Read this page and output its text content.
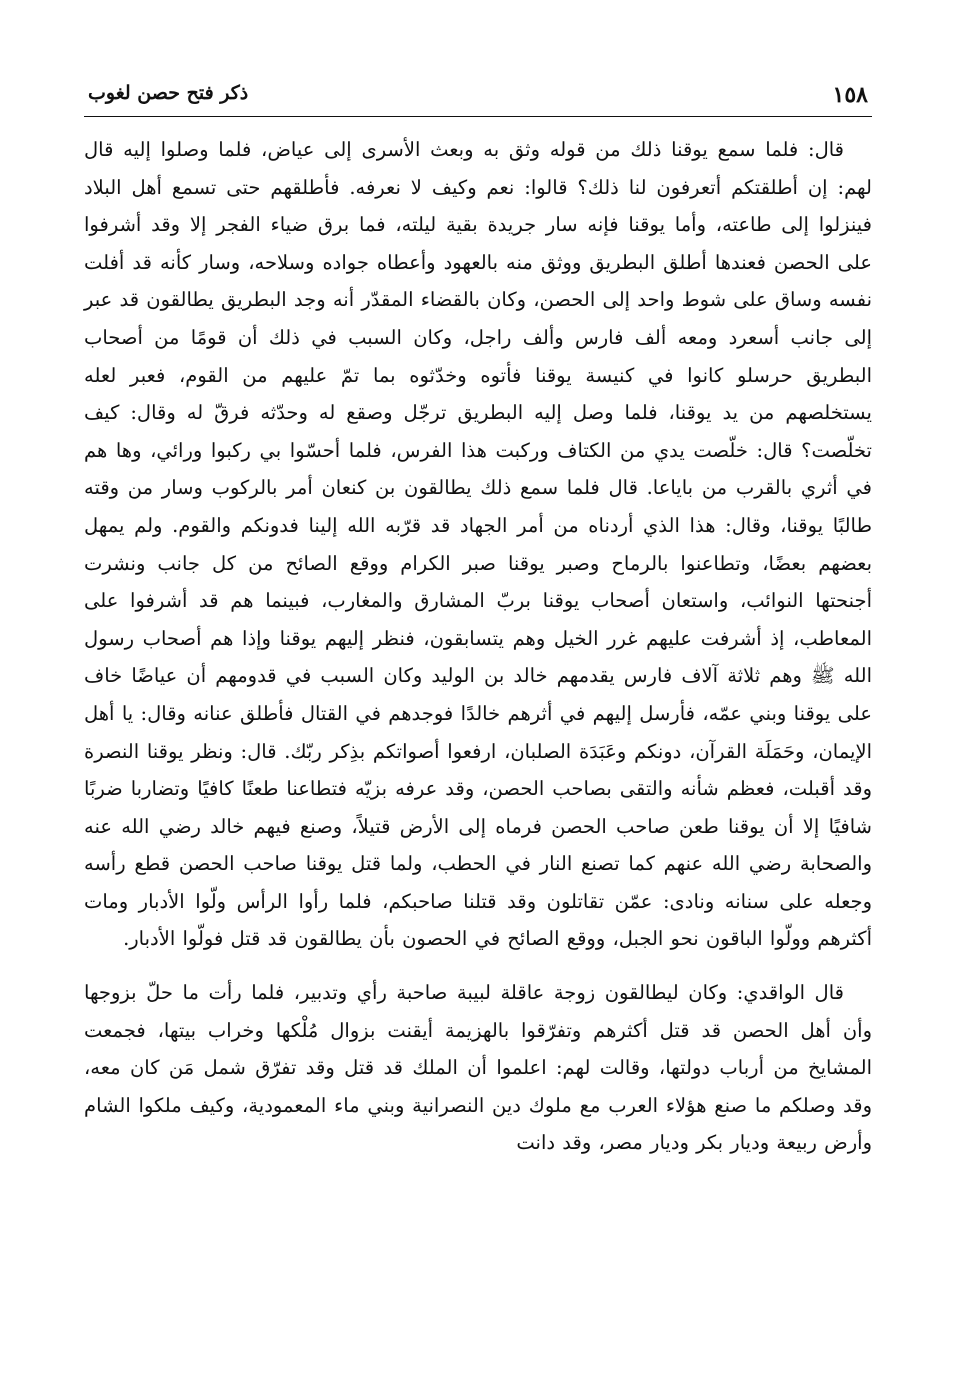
١٥٨
ذكر فتح حصن لغوب

قال: فلما سمع يوقنا ذلك من قوله وثق به وبعث الأسرى إلى عياض، فلما وصلوا إليه قال لهم: إن أطلقتكم أتعرفون لنا ذلك؟ قالوا: نعم وكيف لا نعرفه. فأطلقهم حتى تسمع أهل البلاد فينزلوا إلى طاعته، وأما يوقنا فإنه سار جريدة بقية ليلته، فما برق ضياء الفجر إلا وقد أشرفوا على الحصن فعندها أطلق البطريق ووثق منه بالعهود وأعطاه جواده وسلاحه، وسار كأنه قد أفلت نفسه وساق على شوط واحد إلى الحصن، وكان بالقضاء المقدّر أنه وجد البطريق يطالقون قد عبر إلى جانب أسعرد ومعه ألف فارس وألف راجل، وكان السبب في ذلك أن قومًا من أصحاب البطريق حرسلو كانوا في كنيسة يوقنا فأتوه وخدّثوه بما تمّ عليهم من القوم، فعبر لعله يستخلصهم من يد يوقنا، فلما وصل إليه البطريق ترجّل وصقع له وحدّثه فرقّ له وقال: كيف تخلّصت؟ قال: خلّصت يدي من الكتاف وركبت هذا الفرس، فلما أحسّوا بي ركبوا ورائي، وها هم في أثري بالقرب من باياعا. قال فلما سمع ذلك يطالقون بن كنعان أمر بالركوب وسار من وقته طالبًا يوقنا، وقال: هذا الذي أردناه من أمر الجهاد قد قرّبه الله إلينا فدونكم والقوم. ولم يمهل بعضهم بعضًا، وتطاعنوا بالرماح وصبر يوقنا صبر الكرام ووقع الصائح من كل جانب ونشرت أجنحتها النوائب، واستعان أصحاب يوقنا بربّ المشارق والمغارب، فبينما هم قد أشرفوا على المعاطب، إذ أشرفت عليهم غرر الخيل وهم يتسابقون، فنظر إليهم يوقنا وإذا هم أصحاب رسول الله ﷺ وهم ثلاثة آلاف فارس يقدمهم خالد بن الوليد وكان السبب في قدومهم أن عياضًا خاف على يوقنا وبني عمّه، فأرسل إليهم في أثرهم خالدًا فوجدهم في القتال فأطلق عنانه وقال: يا أهل الإيمان، وحَمَلَة القرآن، دونكم وعَبَدَة الصلبان، ارفعوا أصواتكم بذِكر ربّك. قال: ونظر يوقنا النصرة وقد أقبلت، فعظم شأنه والتقى بصاحب الحصن، وقد عرفه بزيّه فتطاعنا طعنًا كافيًا وتضاربا ضربًا شافيًا إلا أن يوقنا طعن صاحب الحصن فرماه إلى الأرض قتيلاً، وصنع فيهم خالد رضي الله عنه والصحابة رضي الله عنهم كما تصنع النار في الحطب، ولما قتل يوقنا صاحب الحصن قطع رأسه وجعله على سنانه ونادى: عمّن تقاتلون وقد قتلنا صاحبكم، فلما رأوا الرأس ولّوا الأدبار ومات أكثرهم وولّوا الباقون نحو الجبل، ووقع الصائح في الحصون بأن يطالقون قد قتل فولّوا الأدبار.

قال الواقدي: وكان ليطالقون زوجة عاقلة لبيبة صاحبة رأي وتدبير، فلما رأت ما حلّ بزوجها وأن أهل الحصن قد قتل أكثرهم وتفرّقوا بالهزيمة أيقنت بزوال مُلْكها وخراب بيتها، فجمعت المشايخ من أرباب دولتها، وقالت لهم: اعلموا أن الملك قد قتل وقد تفرّق شمل مَن كان معه، وقد وصلكم ما صنع هؤلاء العرب مع ملوك دين النصرانية وبني ماء المعمودية، وكيف ملكوا الشام وأرض ربيعة وديار بكر وديار مصر، وقد دانت
